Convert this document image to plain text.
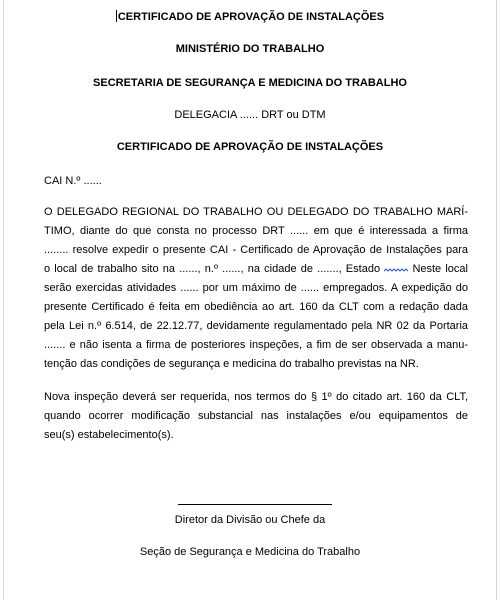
CERTIFICADO DE APROVAÇÃO DE INSTALAÇÕES
MINISTÉRIO DO TRABALHO
SECRETARIA DE SEGURANÇA E MEDICINA DO TRABALHO
DELEGACIA ...... DRT ou DTM
CERTIFICADO DE APROVAÇÃO DE INSTALAÇÕES
CAI N.º ......
O DELEGADO REGIONAL DO TRABALHO OU DELEGADO DO TRABALHO MARÍ-
TIMO, diante do que consta no processo DRT ...... em que é interessada a firma
........ resolve expedir o presente CAI - Certificado de Aprovação de Instalações para
o local de trabalho sito na ......, n.º ......, na cidade de ......., Estado	Neste local
serão exercidas atividades ...... por um máximo de ...... empregados. A expedição do
presente Certificado é feita em obediência ao art. 160 da CLT com a redação dada
pela Lei n.º 6.514, de 22.12.77, devidamente regulamentado pela NR 02 da Portaria
....... e não isenta a firma de posteriores inspeções, a fim de ser observada a manu-
tenção das condições de segurança e medicina do trabalho previstas na NR.
Nova inspeção deverá ser requerida, nos termos do § 1º do citado art. 160 da CLT,
quando ocorrer modificação substancial nas instalações e/ou equipamentos de
seu(s) estabelecimento(s).
Diretor da Divisão ou Chefe da
Seção de Segurança e Medicina do Trabalho
